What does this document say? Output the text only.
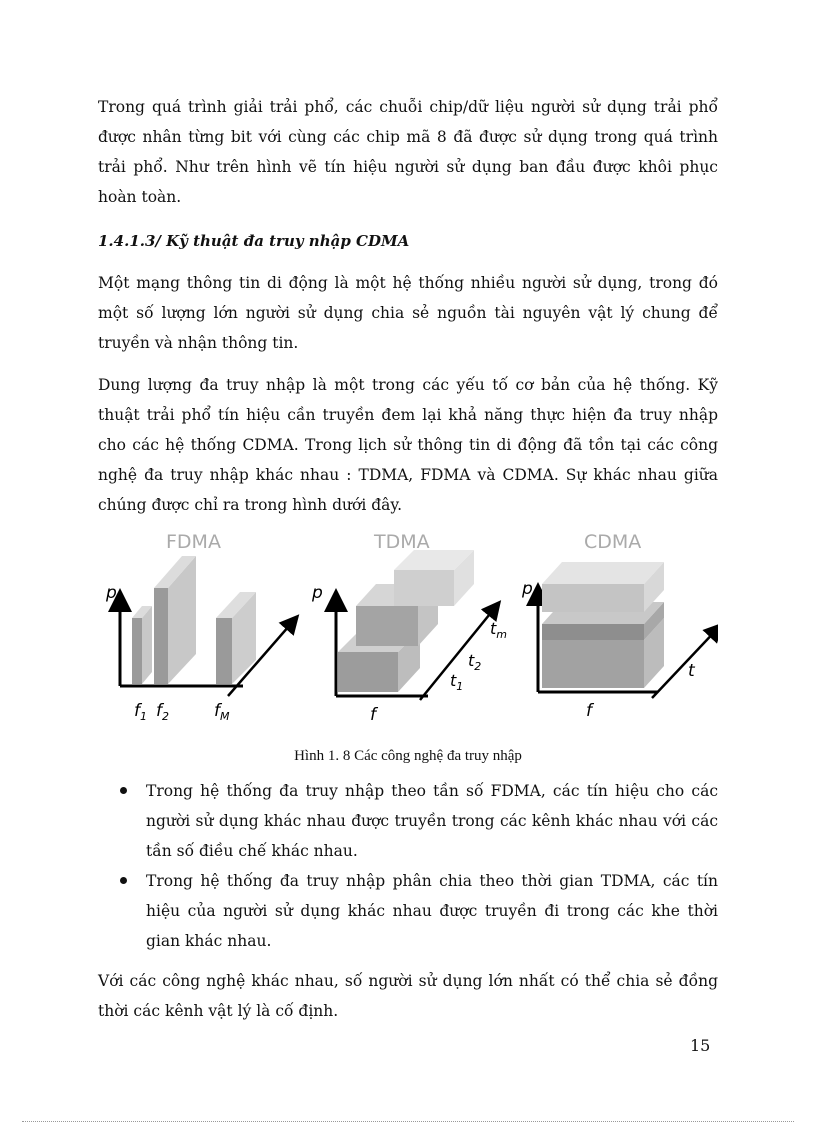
Trong quá trình giải trải phổ, các chuỗi chip/dữ liệu người sử dụng trải phổ được nhân từng bit với cùng các chip mã 8 đã được sử dụng trong quá trình trải phổ. Như trên hình vẽ tín hiệu người sử dụng ban đầu được khôi phục hoàn toàn.

1.4.1.3/ Kỹ thuật đa truy nhập CDMA

Một mạng thông tin di động là một hệ thống nhiều người sử dụng, trong đó một số lượng lớn người sử dụng chia sẻ nguồn tài nguyên vật lý chung để truyền và nhận thông tin.

Dung lượng đa truy nhập là một trong các yếu tố cơ bản của hệ thống. Kỹ thuật trải phổ tín hiệu cần truyền đem lại khả năng thực hiện đa truy nhập cho các hệ thống CDMA. Trong lịch sử thông tin di động đã tồn tại các công nghệ đa truy nhập khác nhau : TDMA, FDMA và CDMA. Sự khác nhau giữa chúng được chỉ ra trong hình dưới đây.

FDMA
p
$f_1$ $f_2$	$f_M$
TDMA
p
f
$t_1$
$t_2$
$t_m$
CDMA
p
f
t
Hình 1. 8 Các công nghệ đa truy nhập
Trong hệ thống đa truy nhập theo tần số FDMA, các tín hiệu cho các người sử dụng khác nhau được truyền trong các kênh khác nhau với các tần số điều chế khác nhau.
Trong hệ thống đa truy nhập phân chia theo thời gian TDMA, các tín hiệu của người sử dụng khác nhau được truyền đi trong các khe thời gian khác nhau.

Với các công nghệ khác nhau, số người sử dụng lớn nhất có thể chia sẻ đồng thời các kênh vật lý là cố định.

15
